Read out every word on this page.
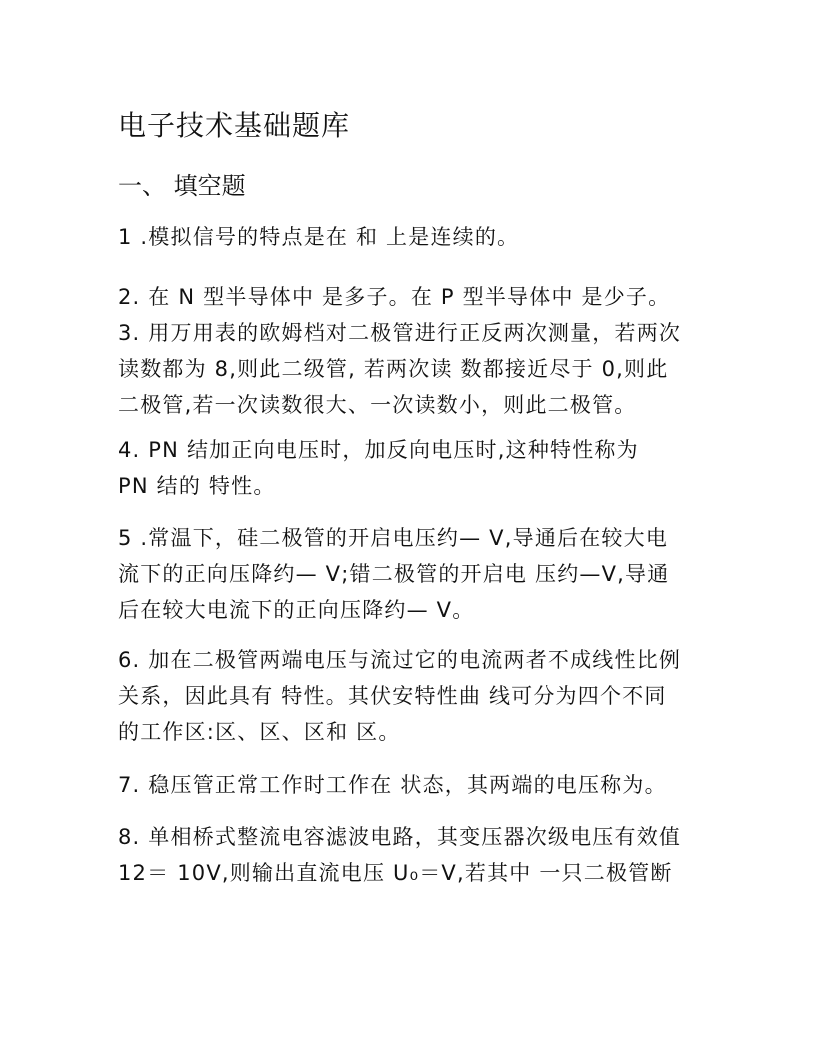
电子技术基础题库
一、 填空题
1 .模拟信号的特点是在 和 上是连续的。
2. 在 N 型半导体中 是多子。在 P 型半导体中 是少子。
3. 用万用表的欧姆档对二极管进行正反两次测量，若两次
读数都为 8,则此二级管, 若两次读 数都接近尽于 0,则此
二极管,若一次读数很大、一次读数小，则此二极管。
4. PN 结加正向电压时，加反向电压时,这种特性称为
PN 结的 特性。
5 .常温下，硅二极管的开启电压约— V,导通后在较大电
流下的正向压降约— V;错二极管的开启电 压约—V,导通
后在较大电流下的正向压降约— V。
6. 加在二极管两端电压与流过它的电流两者不成线性比例
关系，因此具有 特性。其伏安特性曲 线可分为四个不同
的工作区:区、区、区和 区。
7. 稳压管正常工作时工作在 状态，其两端的电压称为。
8. 单相桥式整流电容滤波电路，其变压器次级电压有效值
12＝ 10V,则输出直流电压 U₀＝V,若其中 一只二极管断
